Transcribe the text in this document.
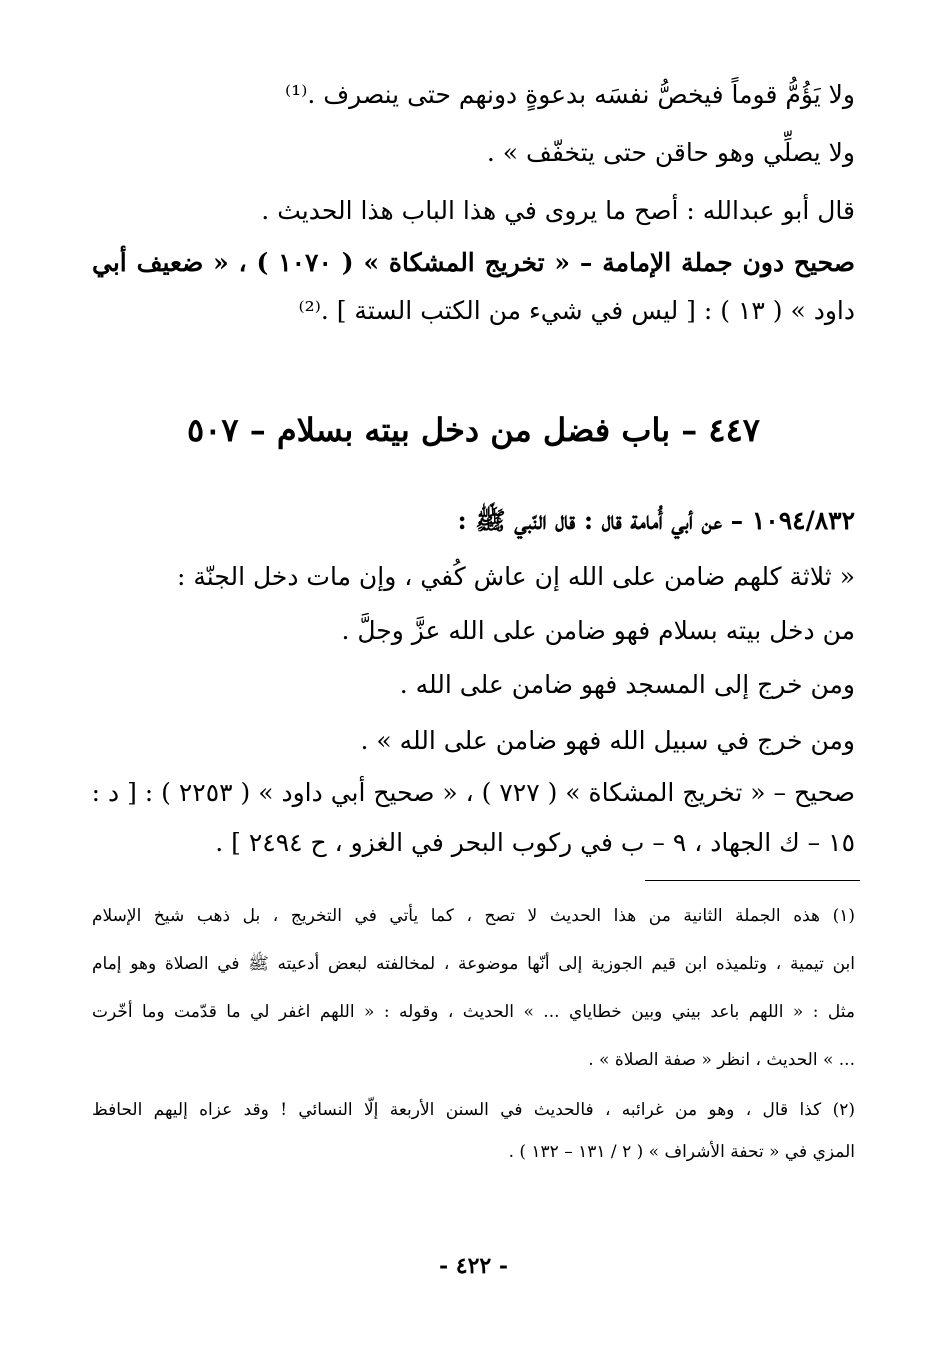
ولا يَؤُمُّ قوماً فيخصُّ نفسَه بدعوةٍ دونهم حتى ينصرف .⁽¹⁾
ولا يصلِّي وهو حاقن حتى يتخفّف » .
قال أبو عبدالله : أصح ما يروى في هذا الباب هذا الحديث .
صحيح دون جملة الإمامة – « تخريج المشكاة » ( ١٠٧٠ ) ، « ضعيف أبي
داود » ( ١٣ ) : [ ليس في شيء من الكتب الستة ] .⁽²⁾
٤٤٧ – باب فضل من دخل بيته بسلام – ٥٠٧
١٠٩٤/٨٣٢ – عن أبي أُمامة قال : قال النّبي ﷺ :
« ثلاثة كلهم ضامن على الله إن عاش كُفي ، وإن مات دخل الجنّة :
من دخل بيته بسلام فهو ضامن على الله عزَّ وجلَّ .
ومن خرج إلى المسجد فهو ضامن على الله .
ومن خرج في سبيل الله فهو ضامن على الله » .
صحيح – « تخريج المشكاة » ( ٧٢٧ ) ، « صحيح أبي داود » ( ٢٢٥٣ ) : [ د :
١٥ – ك الجهاد ، ٩ – ب في ركوب البحر في الغزو ، ح ٢٤٩٤ ] .
(١) هذه الجملة الثانية من هذا الحديث لا تصح ، كما يأتي في التخريج ، بل ذهب شيخ الإسلام
ابن تيمية ، وتلميذه ابن قيم الجوزية إلى أنّها موضوعة ، لمخالفته لبعض أدعيته ﷺ في الصلاة وهو إمام
مثل : « اللهم باعد بيني وبين خطاياي ... » الحديث ، وقوله : « اللهم اغفر لي ما قدّمت وما أخّرت
... » الحديث ، انظر « صفة الصلاة » .
(٢) كذا قال ، وهو من غرائبه ، فالحديث في السنن الأربعة إلّا النسائي ! وقد عزاه إليهم الحافظ
المزي في « تحفة الأشراف » ( ٢ / ١٣١ – ١٣٢ ) .
- ٤٢٢ -
